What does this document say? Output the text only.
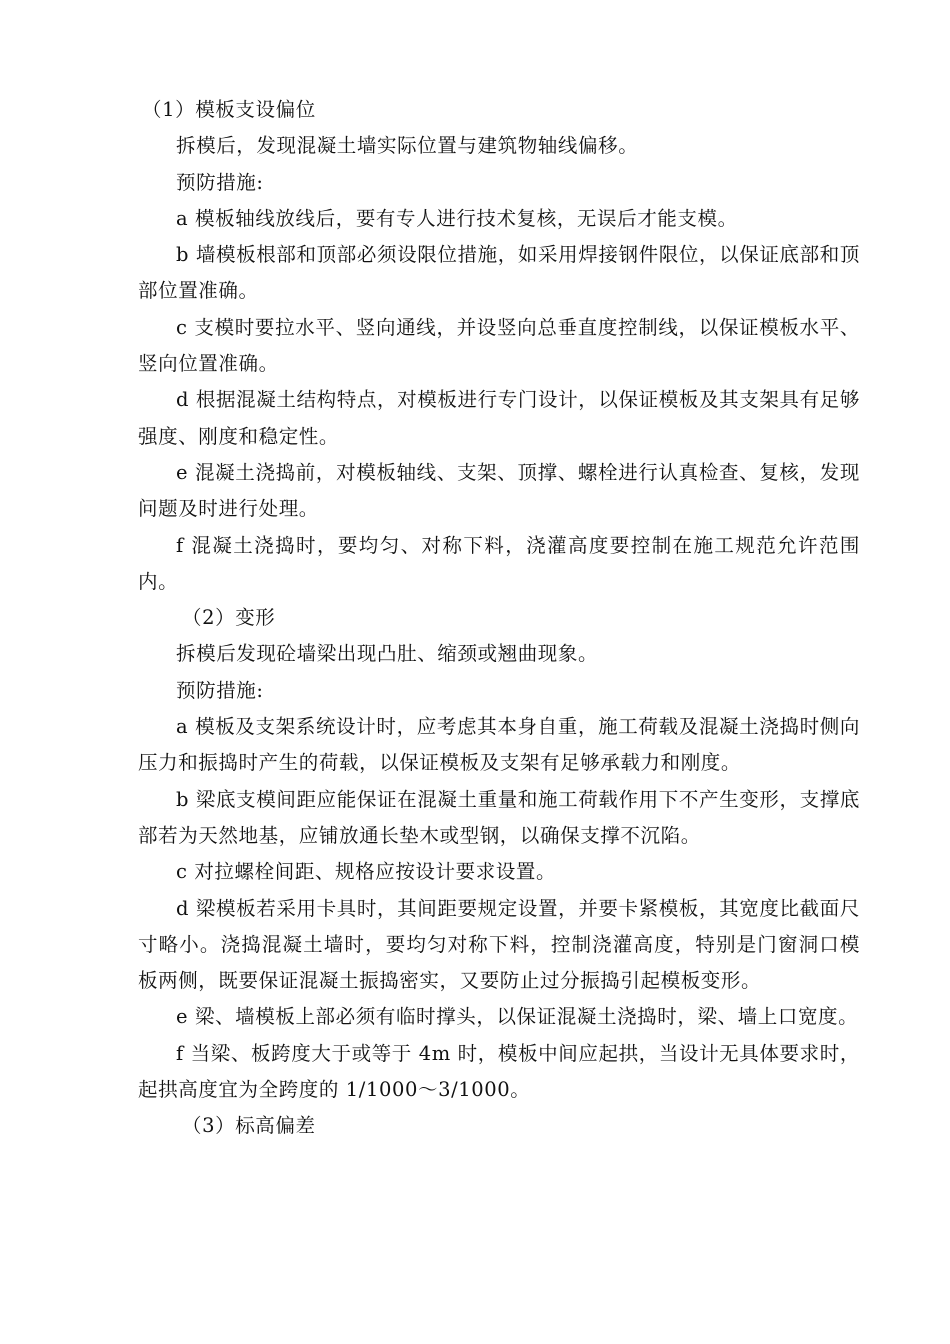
（1）模板支设偏位

拆模后，发现混凝土墙实际位置与建筑物轴线偏移。

预防措施:

a 模板轴线放线后，要有专人进行技术复核，无误后才能支模。

b 墙模板根部和顶部必须设限位措施，如采用焊接钢件限位，以保证底部和顶部位置准确。

c 支模时要拉水平、竖向通线，并设竖向总垂直度控制线，以保证模板水平、竖向位置准确。

d 根据混凝土结构特点，对模板进行专门设计，以保证模板及其支架具有足够强度、刚度和稳定性。

e 混凝土浇捣前，对模板轴线、支架、顶撑、螺栓进行认真检查、复核，发现问题及时进行处理。

f 混凝土浇捣时，要均匀、对称下料，浇灌高度要控制在施工规范允许范围内。

（2）变形

拆模后发现砼墙梁出现凸肚、缩颈或翘曲现象。

预防措施:

a 模板及支架系统设计时，应考虑其本身自重，施工荷载及混凝土浇捣时侧向压力和振捣时产生的荷载，以保证模板及支架有足够承载力和刚度。

b 梁底支模间距应能保证在混凝土重量和施工荷载作用下不产生变形，支撑底部若为天然地基，应铺放通长垫木或型钢，以确保支撑不沉陷。

c 对拉螺栓间距、规格应按设计要求设置。

d 梁模板若采用卡具时，其间距要规定设置，并要卡紧模板，其宽度比截面尺寸略小。浇捣混凝土墙时，要均匀对称下料，控制浇灌高度，特别是门窗洞口模板两侧，既要保证混凝土振捣密实，又要防止过分振捣引起模板变形。

e 梁、墙模板上部必须有临时撑头，以保证混凝土浇捣时，梁、墙上口宽度。

f 当梁、板跨度大于或等于 4m 时，模板中间应起拱，当设计无具体要求时，起拱高度宜为全跨度的 1/1000～3/1000。

（3）标高偏差
